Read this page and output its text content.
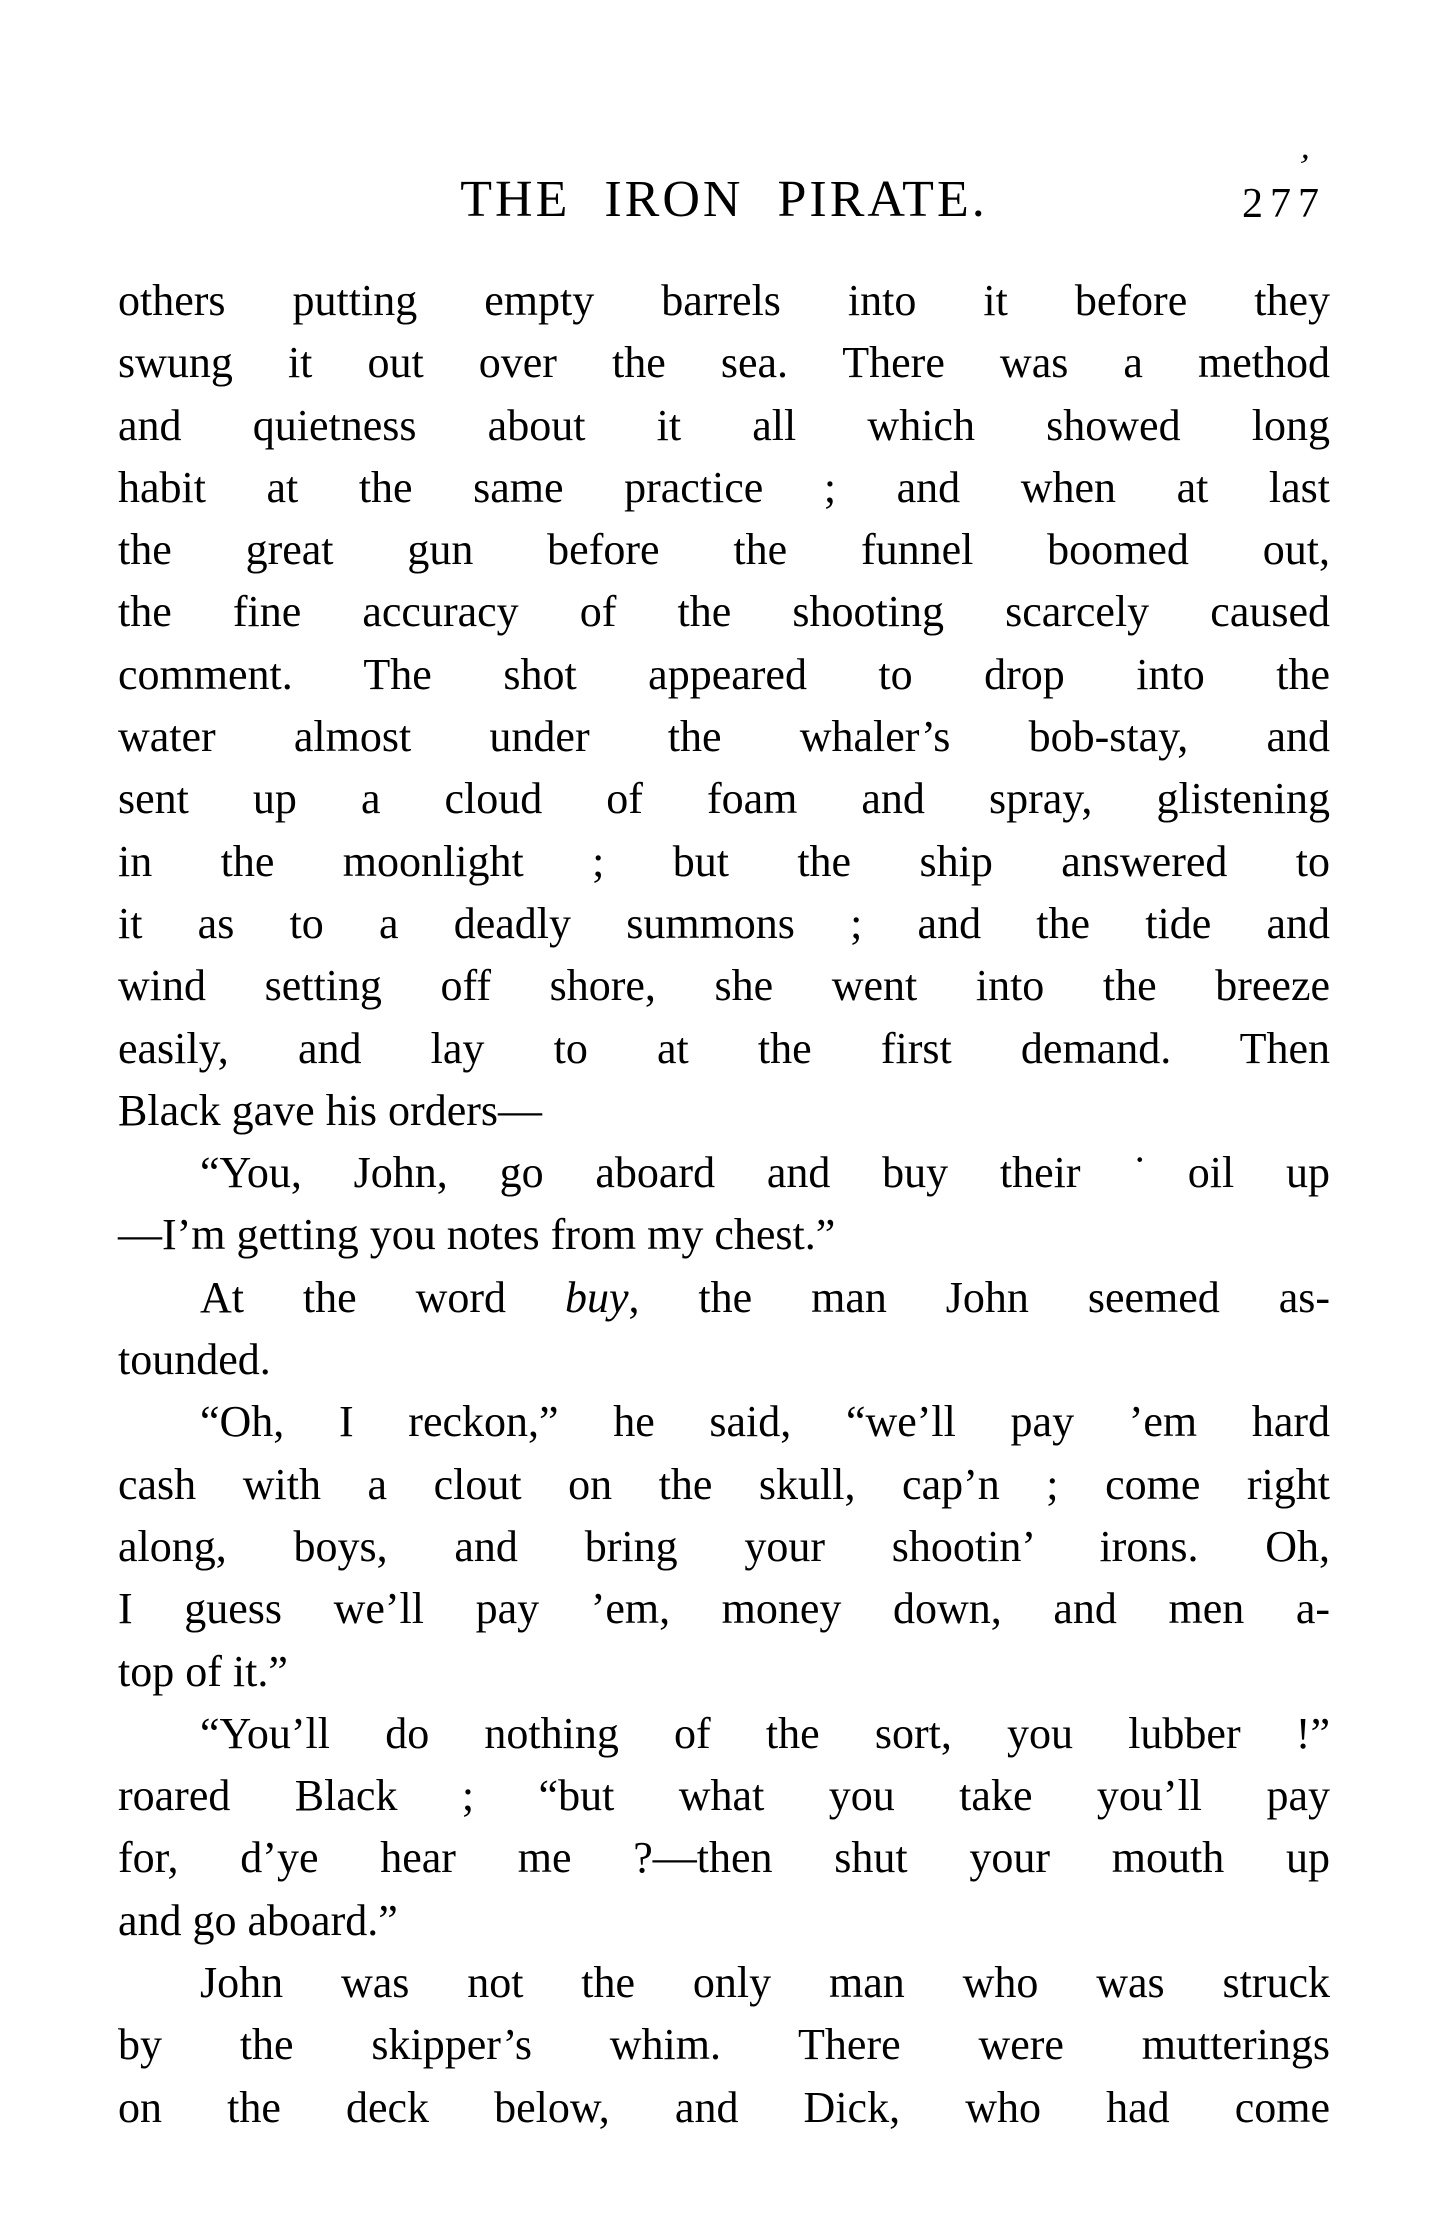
THE IRON PIRATE.
ʼ
277
others putting empty barrels into it before they
swung it out over the sea. There was a method
and quietness about it all which showed long
habit at the same practice ; and when at last
the great gun before the funnel boomed out,
the fine accuracy of the shooting scarcely caused
comment. The shot appeared to drop into the
water almost under the whaler’s bob-stay, and
sent up a cloud of foam and spray, glistening
in the moonlight ; but the ship answered to
it as to a deadly summons ; and the tide and
wind setting off shore, she went into the breeze
easily, and lay to at the first demand. Then
Black gave his orders—
“You, John, go aboard and buy their ˙oil up
—I’m getting you notes from my chest.”
At the word buy, the man John seemed as-
tounded.
“Oh, I reckon,” he said, “we’ll pay ’em hard
cash with a clout on the skull, cap’n ; come right
along, boys, and bring your shootin’ irons. Oh,
I guess we’ll pay ’em, money down, and men a-
top of it.”
“You’ll do nothing of the sort, you lubber !”
roared Black ; “but what you take you’ll pay
for, d’ye hear me ?—then shut your mouth up
and go aboard.”
John was not the only man who was struck
by the skipper’s whim. There were mutterings
on the deck below, and Dick, who had come
